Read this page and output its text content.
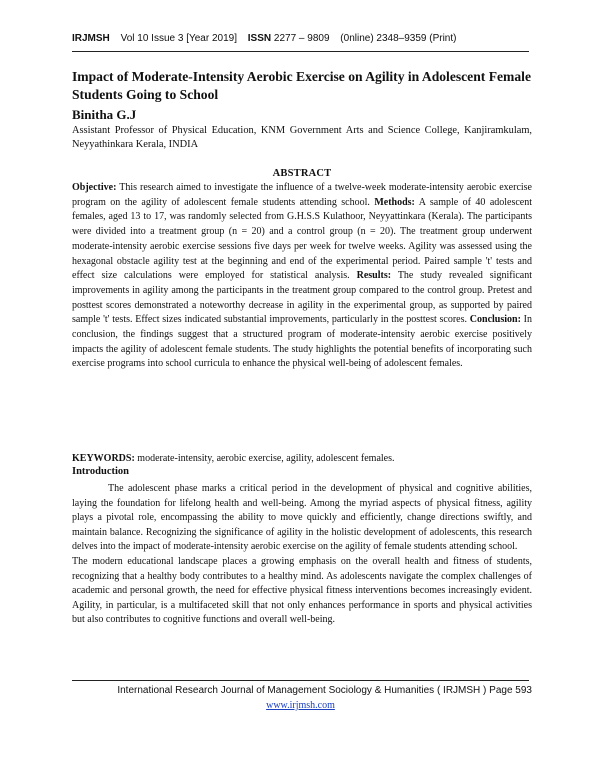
IRJMSH Vol 10 Issue 3 [Year 2019] ISSN 2277 – 9809 (0nline) 2348–9359 (Print)
Impact of Moderate-Intensity Aerobic Exercise on Agility in Adolescent Female Students Going to School
Binitha G.J
Assistant Professor of Physical Education, KNM Government Arts and Science College, Kanjiramkulam, Neyyathinkara Kerala, INDIA
ABSTRACT
Objective: This research aimed to investigate the influence of a twelve-week moderate-intensity aerobic exercise program on the agility of adolescent female students attending school. Methods: A sample of 40 adolescent females, aged 13 to 17, was randomly selected from G.H.S.S Kulathoor, Neyyattinkara (Kerala). The participants were divided into a treatment group (n = 20) and a control group (n = 20). The treatment group underwent moderate-intensity aerobic exercise sessions five days per week for twelve weeks. Agility was assessed using the hexagonal obstacle agility test at the beginning and end of the experimental period. Paired sample 't' tests and effect size calculations were employed for statistical analysis. Results: The study revealed significant improvements in agility among the participants in the treatment group compared to the control group. Pretest and posttest scores demonstrated a noteworthy decrease in agility in the experimental group, as supported by paired sample 't' tests. Effect sizes indicated substantial improvements, particularly in the posttest scores. Conclusion: In conclusion, the findings suggest that a structured program of moderate-intensity aerobic exercise positively impacts the agility of adolescent female students. The study highlights the potential benefits of incorporating such exercise programs into school curricula to enhance the physical well-being of adolescent females.
KEYWORDS: moderate-intensity, aerobic exercise, agility, adolescent females.
Introduction

The adolescent phase marks a critical period in the development of physical and cognitive abilities, laying the foundation for lifelong health and well-being. Among the myriad aspects of physical fitness, agility plays a pivotal role, encompassing the ability to move quickly and efficiently, change directions swiftly, and maintain balance. Recognizing the significance of agility in the holistic development of adolescents, this research delves into the impact of moderate-intensity aerobic exercise on the agility of female students attending school.

The modern educational landscape places a growing emphasis on the overall health and fitness of students, recognizing that a healthy body contributes to a healthy mind. As adolescents navigate the complex challenges of academic and personal growth, the need for effective physical fitness interventions becomes increasingly evident. Agility, in particular, is a multifaceted skill that not only enhances performance in sports and physical activities but also contributes to cognitive functions and overall well-being.

International Research Journal of Management Sociology & Humanities ( IRJMSH ) Page 593
www.irjmsh.com
